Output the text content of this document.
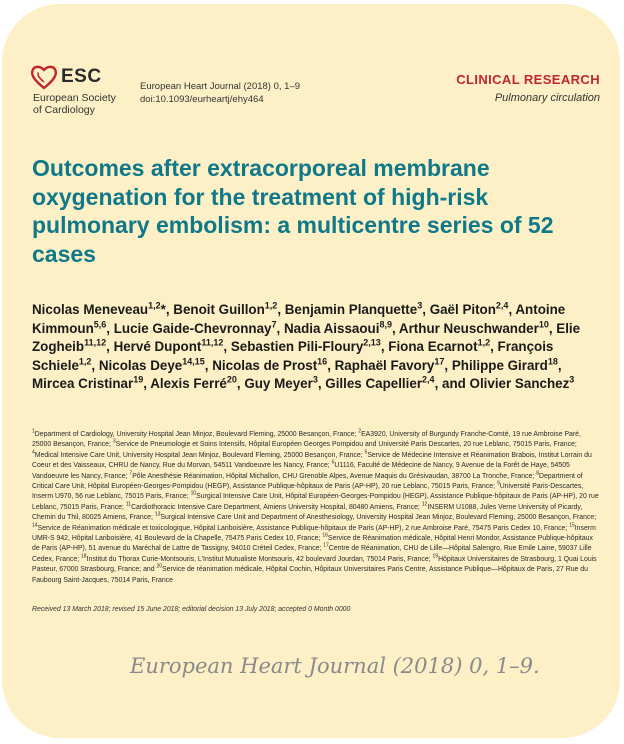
ESC
European Society
of Cardiology
European Heart Journal (2018) 0, 1–9
doi:10.1093/eurheartj/ehy464
CLINICAL RESEARCH
Pulmonary circulation
Outcomes after extracorporeal membrane oxygenation for the treatment of high-risk pulmonary embolism: a multicentre series of 52 cases
Nicolas Meneveau$^{1,2}$*, Benoit Guillon$^{1,2}$, Benjamin Planquette$^3$, Gaël Piton$^{2,4}$, Antoine Kimmoun$^{5,6}$, Lucie Gaide-Chevronnay$^7$, Nadia Aissaoui$^{8,9}$, Arthur Neuschwander$^{10}$, Elie Zogheib$^{11,12}$, Hervé Dupont$^{11,12}$, Sebastien Pili-Floury$^{2,13}$, Fiona Ecarnot$^{1,2}$, François Schiele$^{1,2}$, Nicolas Deye$^{14,15}$, Nicolas de Prost$^{16}$, Raphaël Favory$^{17}$, Philippe Girard$^{18}$, Mircea Cristinar$^{19}$, Alexis Ferré$^{20}$, Guy Meyer$^3$, Gilles Capellier$^{2,4}$, and Olivier Sanchez$^3$
$^1$Department of Cardiology, University Hospital Jean Minjoz, Boulevard Fleming, 25000 Besançon, France; $^2$EA3920, University of Burgundy Franche-Comté, 19 rue Ambroise Paré, 25000 Besançon, France; $^3$Service de Pneumologie et Soins Intensifs, Hôpital Européen Georges Pompidou and Université Paris Descartes, 20 rue Leblanc, 75015 Paris, France; $^4$Medical Intensive Care Unit, University Hospital Jean Minjoz, Boulevard Fleming, 25000 Besançon, France; $^5$Service de Médecine Intensive et Réanimation Brabois, Institut Lorrain du Coeur et des Vaisseaux, CHRU de Nancy, Rue du Morvan, 54511 Vandoeuvre les Nancy, France; $^6$U1116, Faculté de Médecine de Nancy, 9 Avenue de la Forêt de Haye, 54505 Vandoeuvre les Nancy, France; $^7$Pôle Anesthésie Réanimation, Hôpital Michallon, CHU Grenoble Alpes, Avenue Maquis du Grésivaudan, 38700 La Tronche, France; $^8$Department of Critical Care Unit, Hôpital Européen-Georges-Pompidou (HEGP), Assistance Publique-hôpitaux de Paris (AP-HP), 20 rue Leblanc, 75015 Paris, France; $^9$Université Paris-Descartes, Inserm U970, 56 rue Leblanc, 75015 Paris, France; $^{10}$Surgical Intensive Care Unit, Hôpital Européen-Georges-Pompidou (HEGP), Assistance Publique-hôpitaux de Paris (AP-HP), 20 rue Leblanc, 75015 Paris, France; $^{11}$Cardiothoracic Intensive Care Department, Amiens University Hospital, 80480 Amiens, France; $^{12}$INSERM U1088, Jules Verne University of Picardy, Chemin du Thil, 80025 Amiens, France; $^{13}$Surgical Intensive Care Unit and Department of Anesthesiology, University Hospital Jean Minjoz, Boulevard Fleming, 25000 Besançon, France; $^{14}$Service de Réanimation médicale et toxicologique, Hôpital Lariboisière, Assistance Publique-hôpitaux de Paris (AP-HP), 2 rue Ambroise Paré, 75475 Paris Cedex 10, France; $^{15}$Inserm UMR-S 942, Hôpital Lariboisière, 41 Boulevard de la Chapelle, 75475 Paris Cedex 10, France; $^{16}$Service de Réanimation médicale, Hôpital Henri Mondor, Assistance Publique-hôpitaux de Paris (AP-HP), 51 avenue du Maréchal de Lattre de Tassigny, 94010 Créteil Cedex, France; $^{17}$Centre de Réanimation, CHU de Lille—Hôpital Salengro, Rue Emile Laine, 59037 Lille Cedex, France; $^{18}$Institut du Thorax Curie-Montsouris, L'Institut Mutualiste Montsouris, 42 boulevard Jourdan, 75014 Paris, France; $^{19}$Hôpitaux Universitaires de Strasbourg, 1 Quai Louis Pasteur, 67000 Strasbourg, France; and $^{20}$Service de réanimation médicale, Hôpital Cochin, Hôpitaux Universitaires Paris Centre, Assistance Publique—Hôpitaux de Paris, 27 Rue du Faubourg Saint-Jacques, 75014 Paris, France
Received 13 March 2018; revised 15 June 2018; editorial decision 13 July 2018; accepted 0 Month 0000
European Heart Journal (2018) 0, 1–9.
